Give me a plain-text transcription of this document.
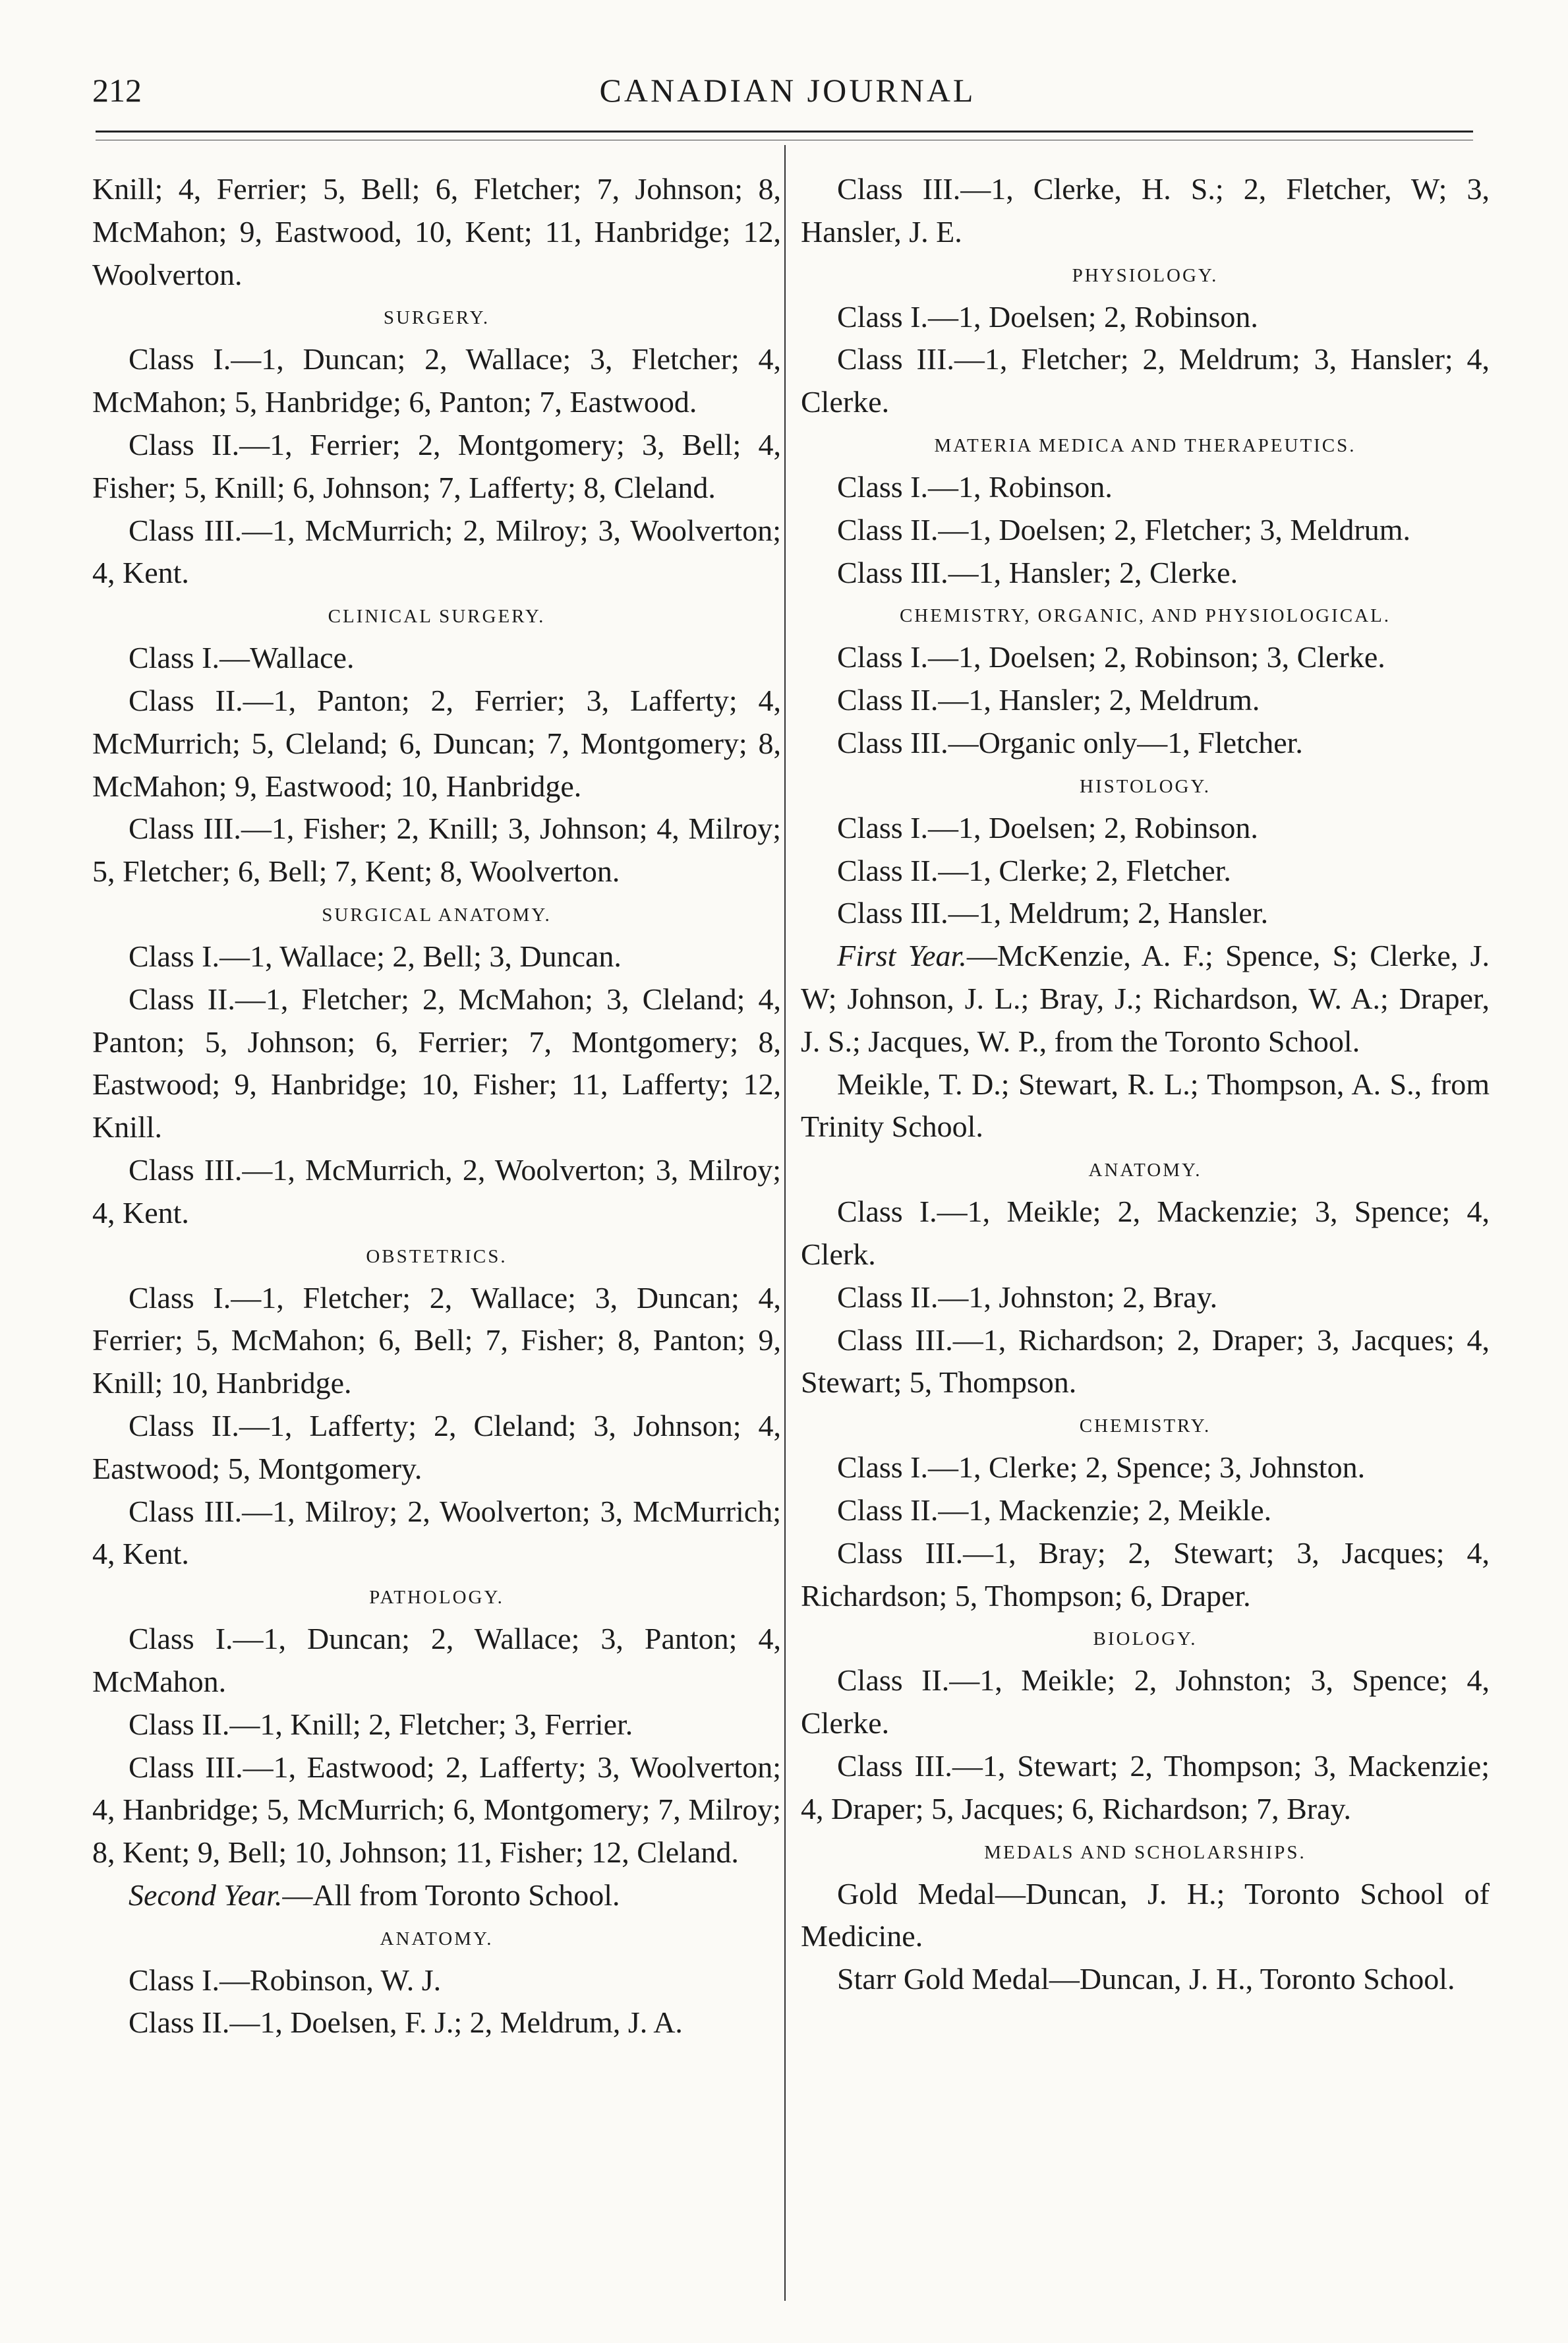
212	CANADIAN JOURNAL

Knill; 4, Ferrier; 5, Bell; 6, Fletcher; 7, Johnson; 8, McMahon; 9, Eastwood, 10, Kent; 11, Hanbridge; 12, Woolverton.

SURGERY.

Class I.—1, Duncan; 2, Wallace; 3, Fletcher; 4, McMahon; 5, Hanbridge; 6, Panton; 7, Eastwood.

Class II.—1, Ferrier; 2, Montgomery; 3, Bell; 4, Fisher; 5, Knill; 6, Johnson; 7, Lafferty; 8, Cleland.

Class III.—1, McMurrich; 2, Milroy; 3, Woolverton; 4, Kent.

CLINICAL SURGERY.

Class I.—Wallace.

Class II.—1, Panton; 2, Ferrier; 3, Lafferty; 4, McMurrich; 5, Cleland; 6, Duncan; 7, Montgomery; 8, McMahon; 9, Eastwood; 10, Hanbridge.

Class III.—1, Fisher; 2, Knill; 3, Johnson; 4, Milroy; 5, Fletcher; 6, Bell; 7, Kent; 8, Woolverton.

SURGICAL ANATOMY.

Class I.—1, Wallace; 2, Bell; 3, Duncan.

Class II.—1, Fletcher; 2, McMahon; 3, Cleland; 4, Panton; 5, Johnson; 6, Ferrier; 7, Montgomery; 8, Eastwood; 9, Hanbridge; 10, Fisher; 11, Lafferty; 12, Knill.

Class III.—1, McMurrich, 2, Woolverton; 3, Milroy; 4, Kent.

OBSTETRICS.

Class I.—1, Fletcher; 2, Wallace; 3, Duncan; 4, Ferrier; 5, McMahon; 6, Bell; 7, Fisher; 8, Panton; 9, Knill; 10, Hanbridge.

Class II.—1, Lafferty; 2, Cleland; 3, Johnson; 4, Eastwood; 5, Montgomery.

Class III.—1, Milroy; 2, Woolverton; 3, McMurrich; 4, Kent.

PATHOLOGY.

Class I.—1, Duncan; 2, Wallace; 3, Panton; 4, McMahon.

Class II.—1, Knill; 2, Fletcher; 3, Ferrier.

Class III.—1, Eastwood; 2, Lafferty; 3, Woolverton; 4, Hanbridge; 5, McMurrich; 6, Montgomery; 7, Milroy; 8, Kent; 9, Bell; 10, Johnson; 11, Fisher; 12, Cleland.

Second Year.—All from Toronto School.

ANATOMY.

Class I.—Robinson, W. J.

Class II.—1, Doelsen, F. J.; 2, Meldrum, J. A.

Class III.—1, Clerke, H. S.; 2, Fletcher, W; 3, Hansler, J. E.

PHYSIOLOGY.

Class I.—1, Doelsen; 2, Robinson.

Class III.—1, Fletcher; 2, Meldrum; 3, Hansler; 4, Clerke.

MATERIA MEDICA AND THERAPEUTICS.

Class I.—1, Robinson.

Class II.—1, Doelsen; 2, Fletcher; 3, Meldrum.

Class III.—1, Hansler; 2, Clerke.

CHEMISTRY, ORGANIC, AND PHYSIOLOGICAL.

Class I.—1, Doelsen; 2, Robinson; 3, Clerke.

Class II.—1, Hansler; 2, Meldrum.

Class III.—Organic only—1, Fletcher.

HISTOLOGY.

Class I.—1, Doelsen; 2, Robinson.

Class II.—1, Clerke; 2, Fletcher.

Class III.—1, Meldrum; 2, Hansler.

First Year.—McKenzie, A. F.; Spence, S; Clerke, J. W; Johnson, J. L.; Bray, J.; Richardson, W. A.; Draper, J. S.; Jacques, W. P., from the Toronto School.

Meikle, T. D.; Stewart, R. L.; Thompson, A. S., from Trinity School.

ANATOMY.

Class I.—1, Meikle; 2, Mackenzie; 3, Spence; 4, Clerk.

Class II.—1, Johnston; 2, Bray.

Class III.—1, Richardson; 2, Draper; 3, Jacques; 4, Stewart; 5, Thompson.

CHEMISTRY.

Class I.—1, Clerke; 2, Spence; 3, Johnston.

Class II.—1, Mackenzie; 2, Meikle.

Class III.—1, Bray; 2, Stewart; 3, Jacques; 4, Richardson; 5, Thompson; 6, Draper.

BIOLOGY.

Class II.—1, Meikle; 2, Johnston; 3, Spence; 4, Clerke.

Class III.—1, Stewart; 2, Thompson; 3, Mackenzie; 4, Draper; 5, Jacques; 6, Richardson; 7, Bray.

MEDALS AND SCHOLARSHIPS.

Gold Medal—Duncan, J. H.; Toronto School of Medicine.

Starr Gold Medal—Duncan, J. H., Toronto School.
